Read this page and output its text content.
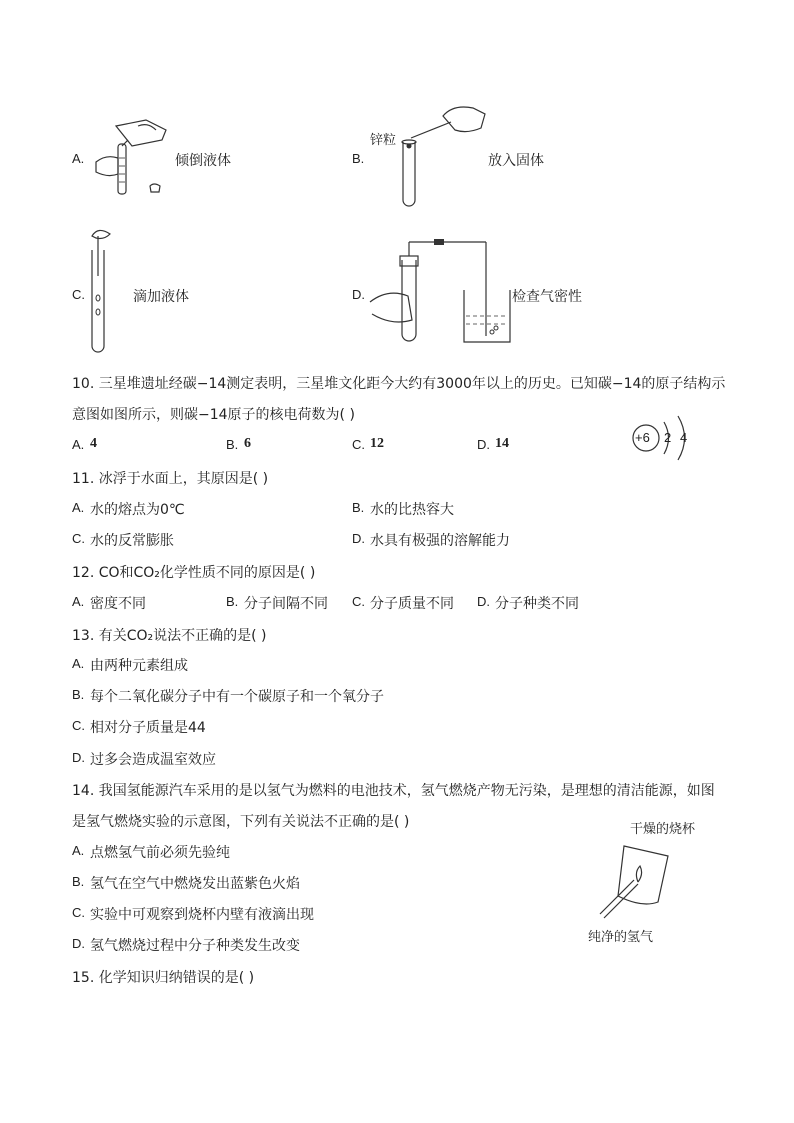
A.	倾倒液体	B.
锌粒
放入固体
C.	滴加液体	D.	检查气密性
10. 三星堆遗址经碳−14测定表明，三星堆文化距今大约有3000年以上的历史。已知碳−14的原子结构示
意图如图所示，则碳−14原子的核电荷数为( )
A. 4	B. 6	C. 12	D. 14	+6 2 4
11. 冰浮于水面上，其原因是( )
A. 水的熔点为0℃	B. 水的比热容大
C. 水的反常膨胀	D. 水具有极强的溶解能力
12. CO和CO₂化学性质不同的原因是( )
A. 密度不同	B. 分子间隔不同 C. 分子质量不同 D. 分子种类不同
13. 有关CO₂说法不正确的是( )
A. 由两种元素组成
B. 每个二氧化碳分子中有一个碳原子和一个氧分子
C. 相对分子质量是44
D. 过多会造成温室效应
14. 我国氢能源汽车采用的是以氢气为燃料的电池技术，氢气燃烧产物无污染，是理想的清洁能源，如图
是氢气燃烧实验的示意图，下列有关说法不正确的是( )
A. 点燃氢气前必须先验纯
B. 氢气在空气中燃烧发出蓝紫色火焰
C. 实验中可观察到烧杯内壁有液滴出现
D. 氢气燃烧过程中分子种类发生改变
干燥的烧杯
纯净的氢气
15. 化学知识归纳错误的是( )
